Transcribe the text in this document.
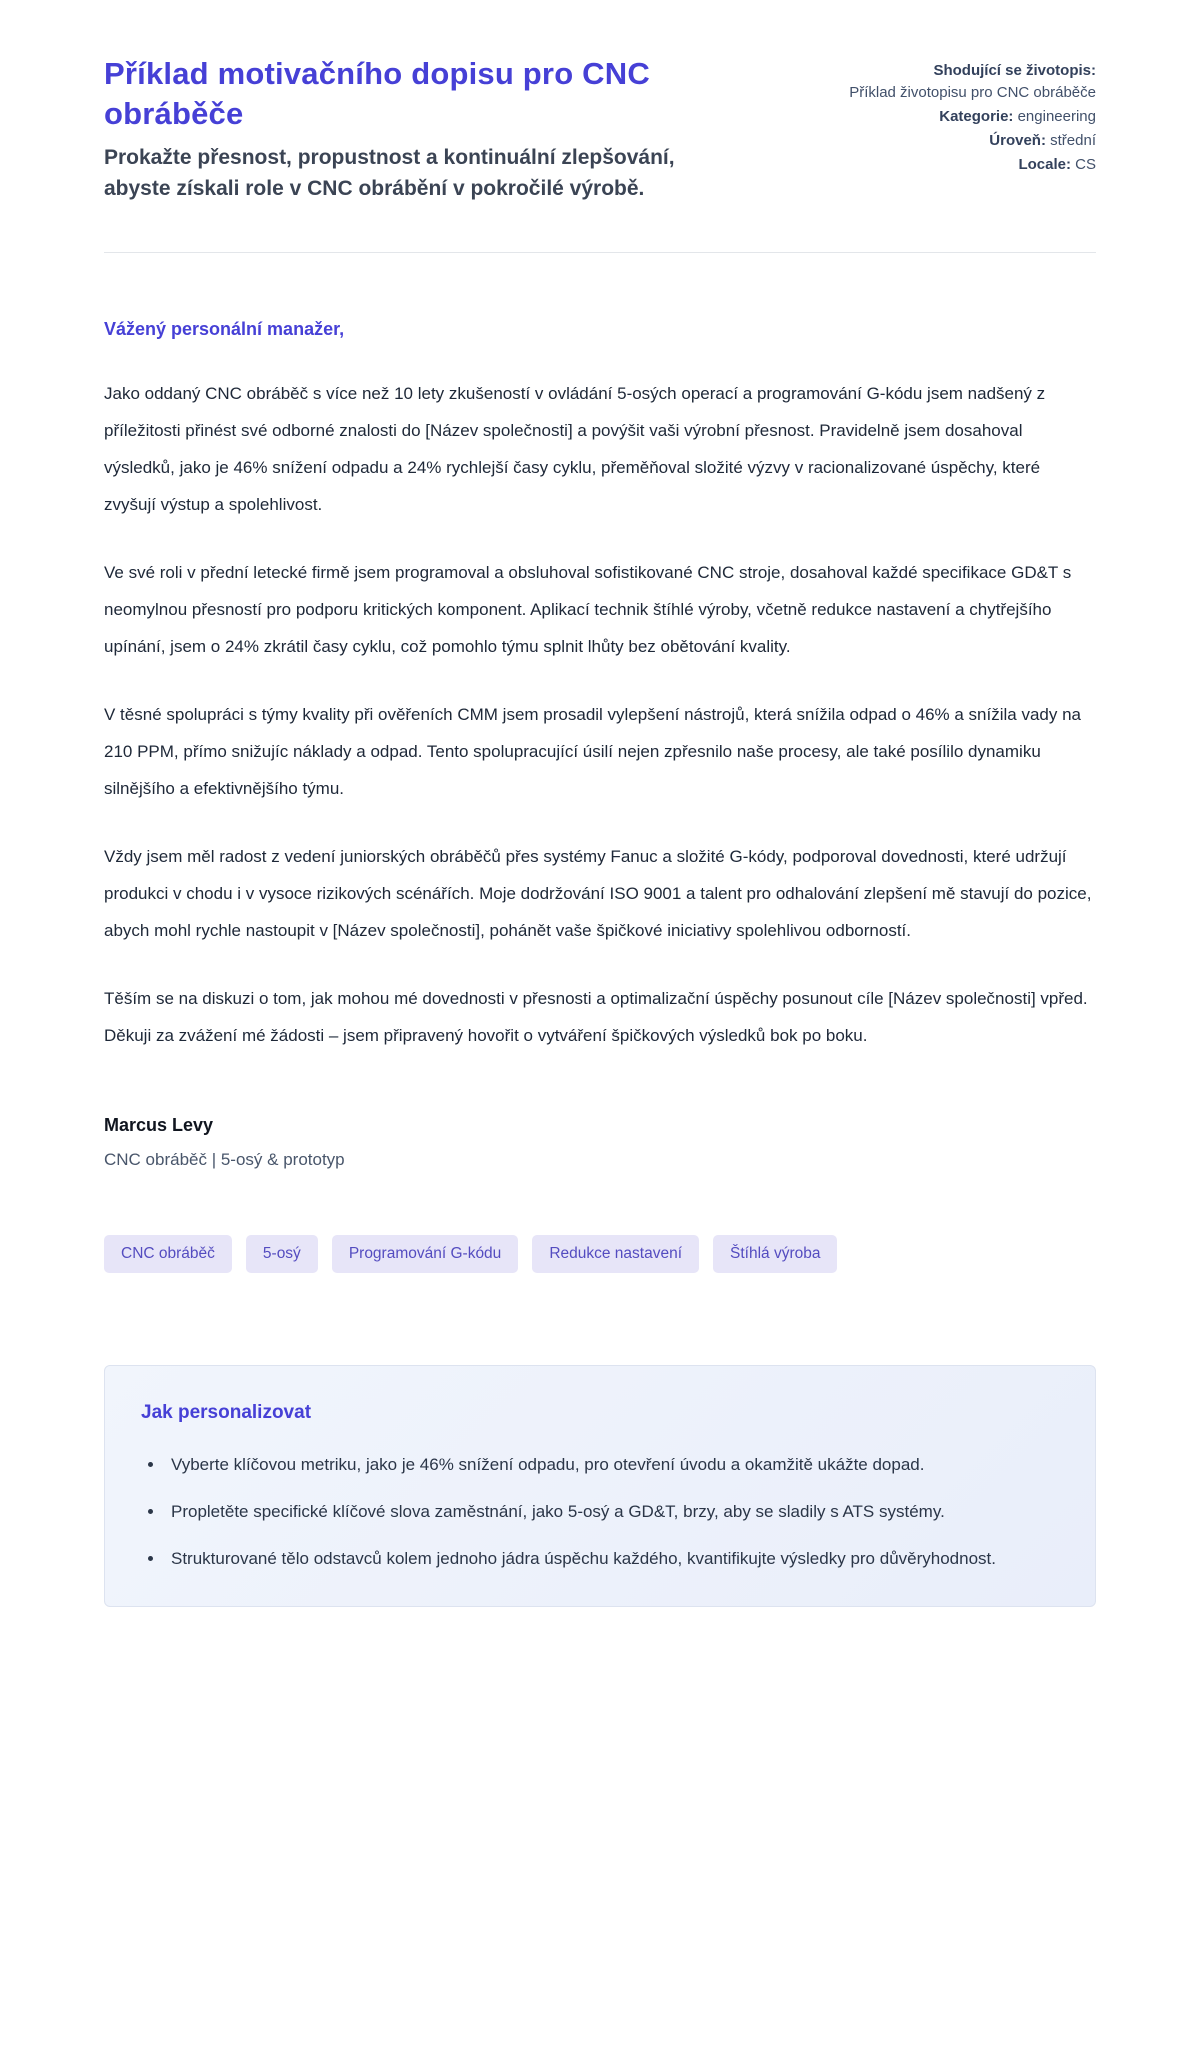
Příklad motivačního dopisu pro CNC obráběče
Prokažte přesnost, propustnost a kontinuální zlepšování, abyste získali role v CNC obrábění v pokročilé výrobě.
Shodující se životopis:
Příklad životopisu pro CNC obráběče
Kategorie: engineering
Úroveň: střední
Locale: CS
Vážený personální manažer,

Jako oddaný CNC obráběč s více než 10 lety zkušeností v ovládání 5-osých operací a programování G-kódu jsem nadšený z příležitosti přinést své odborné znalosti do [Název společnosti] a povýšit vaši výrobní přesnost. Pravidelně jsem dosahoval výsledků, jako je 46% snížení odpadu a 24% rychlejší časy cyklu, přeměňoval složité výzvy v racionalizované úspěchy, které zvyšují výstup a spolehlivost.

Ve své roli v přední letecké firmě jsem programoval a obsluhoval sofistikované CNC stroje, dosahoval každé specifikace GD&T s neomylnou přesností pro podporu kritických komponent. Aplikací technik štíhlé výroby, včetně redukce nastavení a chytřejšího upínání, jsem o 24% zkrátil časy cyklu, což pomohlo týmu splnit lhůty bez obětování kvality.

V těsné spolupráci s týmy kvality při ověřeních CMM jsem prosadil vylepšení nástrojů, která snížila odpad o 46% a snížila vady na 210 PPM, přímo snižujíc náklady a odpad. Tento spolupracující úsilí nejen zpřesnilo naše procesy, ale také posílilo dynamiku silnějšího a efektivnějšího týmu.

Vždy jsem měl radost z vedení juniorských obráběčů přes systémy Fanuc a složité G-kódy, podporoval dovednosti, které udržují produkci v chodu i v vysoce rizikových scénářích. Moje dodržování ISO 9001 a talent pro odhalování zlepšení mě stavují do pozice, abych mohl rychle nastoupit v [Název společnosti], pohánět vaše špičkové iniciativy spolehlivou odborností.

Těším se na diskuzi o tom, jak mohou mé dovednosti v přesnosti a optimalizační úspěchy posunout cíle [Název společnosti] vpřed. Děkuji za zvážení mé žádosti – jsem připravený hovořit o vytváření špičkových výsledků bok po boku.

Marcus Levy
CNC obráběč | 5-osý & prototyp
CNC obráběč	5-osý	Programování G-kódu	Redukce nastavení	Štíhlá výroba
Jak personalizovat
• Vyberte klíčovou metriku, jako je 46% snížení odpadu, pro otevření úvodu a okamžitě ukážte dopad.
• Propletěte specifické klíčové slova zaměstnání, jako 5-osý a GD&T, brzy, aby se sladily s ATS systémy.
• Strukturované tělo odstavců kolem jednoho jádra úspěchu každého, kvantifikujte výsledky pro důvěryhodnost.
